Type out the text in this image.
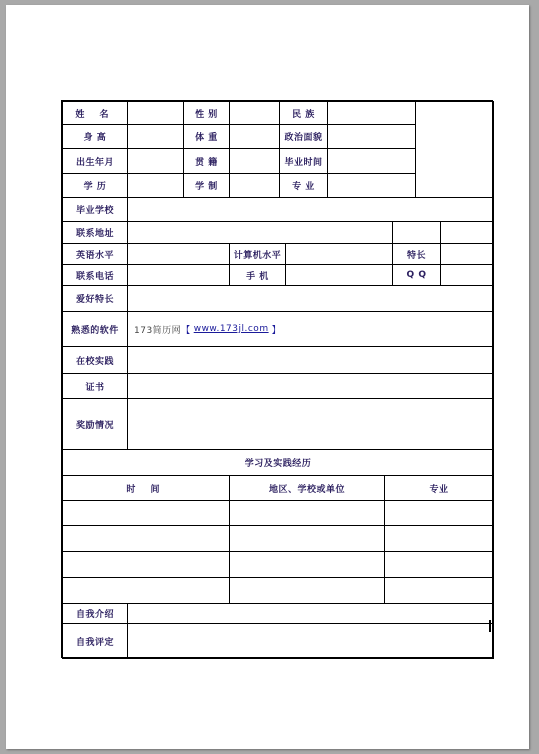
姓 名	性 别	民 族
身 高	体 重	政治面貌
出生年月	贯 籍	毕业时间
学 历	学 制	专 业
毕业学校
联系地址
英语水平	计算机水平	特长
联系电话	手 机	Q Q
爱好特长
熟悉的软件	173简历网 【 www.173jl.com 】
在校实践
证书
奖励情况
学习及实践经历
时 间	地区、学校或单位	专业
自我介绍
自我评定
